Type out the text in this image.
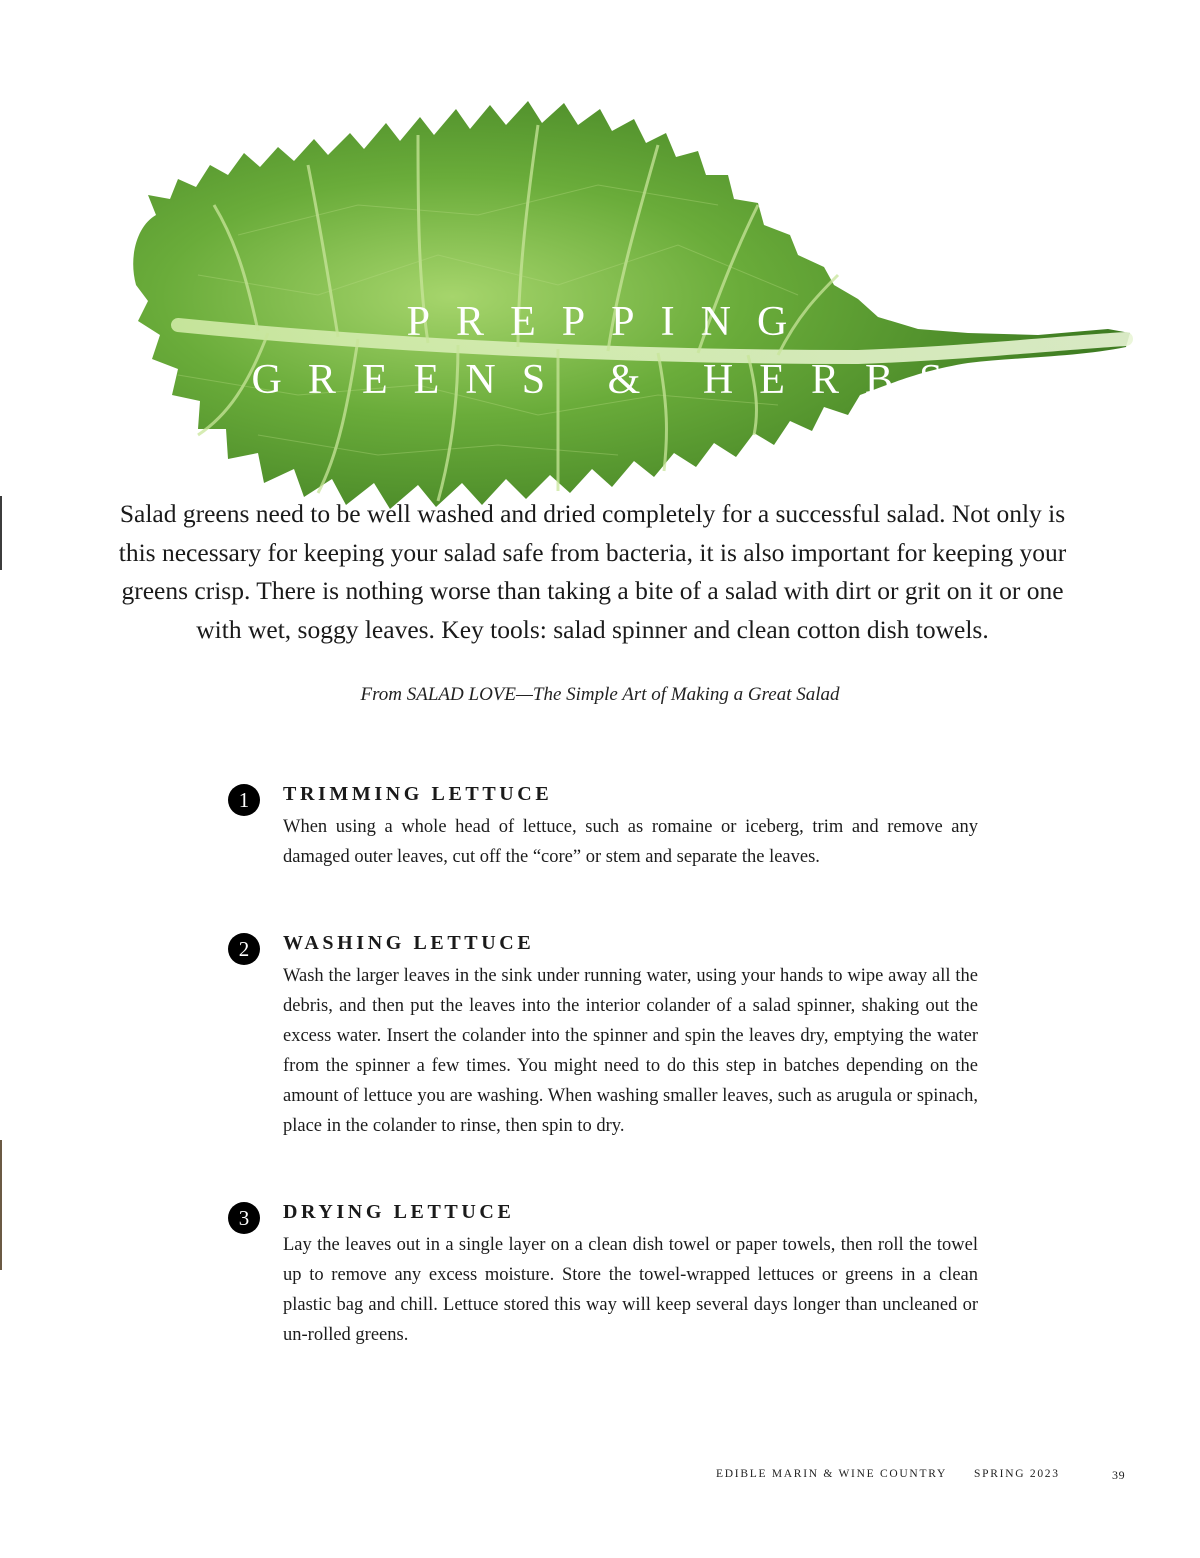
PREPPING
GREENS & HERBS
Salad greens need to be well washed and dried completely for a successful salad. Not only is this necessary for keeping your salad safe from bacteria, it is also important for keeping your greens crisp. There is nothing worse than taking a bite of a salad with dirt or grit on it or one with wet, soggy leaves. Key tools: salad spinner and clean cotton dish towels.
From SALAD LOVE—The Simple Art of Making a Great Salad
1	TRIMMING LETTUCE
When using a whole head of lettuce, such as romaine or iceberg, trim and remove any damaged outer leaves, cut off the “core” or stem and separate the leaves.
2	WASHING LETTUCE
Wash the larger leaves in the sink under running water, using your hands to wipe away all the debris, and then put the leaves into the interior colander of a salad spinner, shaking out the excess water. Insert the colander into the spinner and spin the leaves dry, emptying the water from the spinner a few times. You might need to do this step in batches depending on the amount of lettuce you are washing. When washing smaller leaves, such as arugula or spinach, place in the colander to rinse, then spin to dry.
3	DRYING LETTUCE
Lay the leaves out in a single layer on a clean dish towel or paper towels, then roll the towel up to remove any excess moisture. Store the towel-wrapped lettuces or greens in a clean plastic bag and chill. Lettuce stored this way will keep several days longer than uncleaned or un-rolled greens.
EDIBLE MARIN & WINE COUNTRY SPRING 2023	39
